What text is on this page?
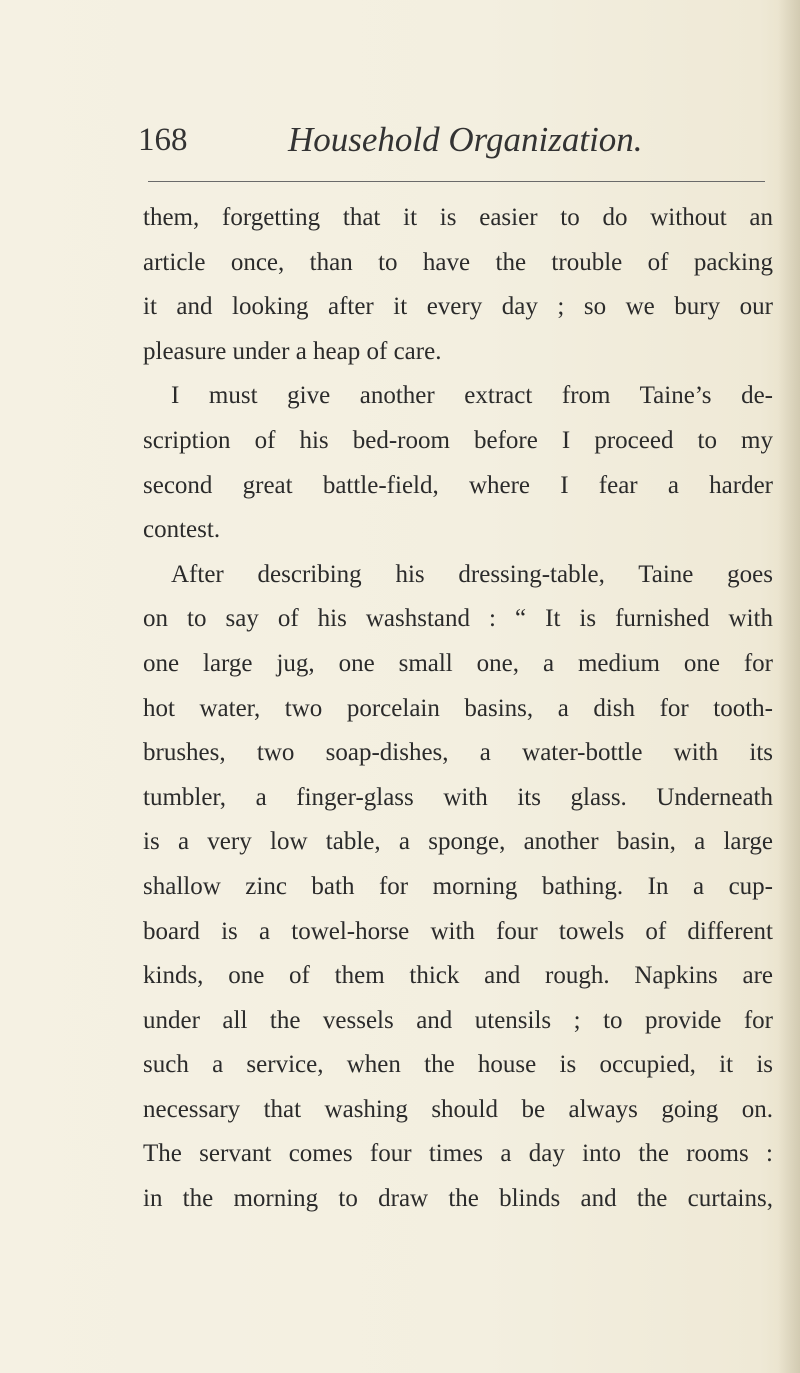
168	Household Organization.
them, forgetting that it is easier to do without an
article once, than to have the trouble of packing
it and looking after it every day ; so we bury our
pleasure under a heap of care.
I must give another extract from Taine’s de-
scription of his bed-room before I proceed to my
second great battle-field, where I fear a harder
contest.
After describing his dressing-table, Taine goes
on to say of his washstand : “ It is furnished with
one large jug, one small one, a medium one for
hot water, two porcelain basins, a dish for tooth-
brushes, two soap-dishes, a water-bottle with its
tumbler, a finger-glass with its glass. Underneath
is a very low table, a sponge, another basin, a large
shallow zinc bath for morning bathing. In a cup-
board is a towel-horse with four towels of different
kinds, one of them thick and rough. Napkins are
under all the vessels and utensils ; to provide for
such a service, when the house is occupied, it is
necessary that washing should be always going on.
The servant comes four times a day into the rooms :
in the morning to draw the blinds and the curtains,
